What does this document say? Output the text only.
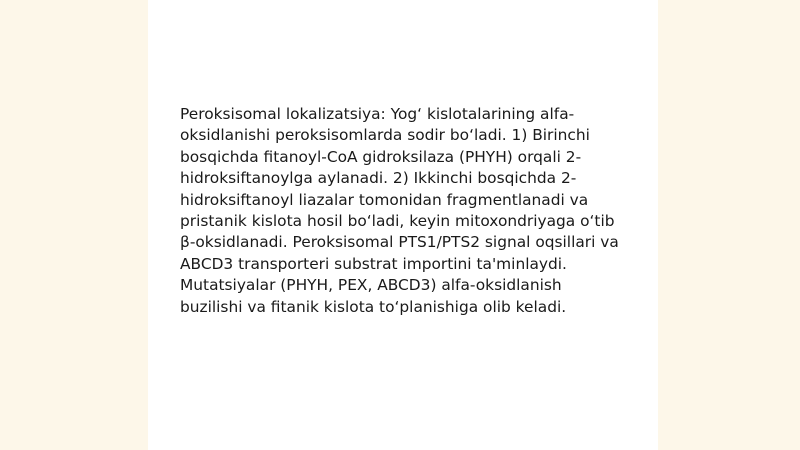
Peroksisomal lokalizatsiya: Yog‘ kislotalarining alfa-oksidlanishi peroksisomlarda sodir bo‘ladi. 1) Birinchi bosqichda fitanoyl-CoA gidroksilaza (PHYH) orqali 2-hidroksiftanoylga aylanadi. 2) Ikkinchi bosqichda 2-hidroksiftanoyl liazalar tomonidan fragmentlanadi va pristanik kislota hosil bo‘ladi, keyin mitoxondriyaga o‘tib β-oksidlanadi. Peroksisomal PTS1/PTS2 signal oqsillari va ABCD3 transporteri substrat importini ta'minlaydi. Mutatsiyalar (PHYH, PEX, ABCD3) alfa-oksidlanish buzilishi va fitanik kislota to‘planishiga olib keladi.
